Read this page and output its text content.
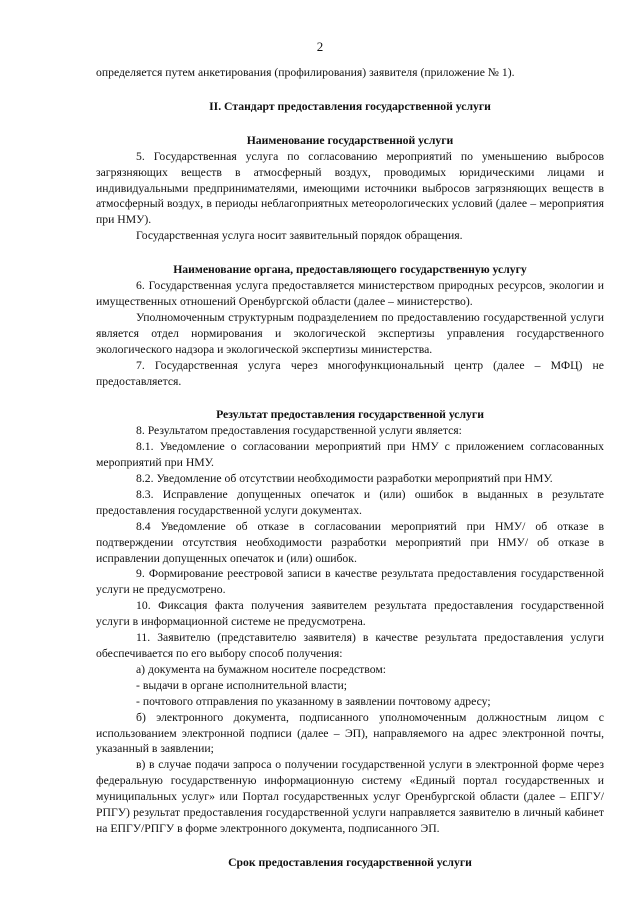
2

определяется путем анкетирования (профилирования) заявителя (приложение № 1).

II. Стандарт предоставления государственной услуги

Наименование государственной услуги

5. Государственная услуга по согласованию мероприятий по уменьшению выбросов загрязняющих веществ в атмосферный воздух, проводимых юридическими лицами и индивидуальными предпринимателями, имеющими источники выбросов загрязняющих веществ в атмосферный воздух, в периоды неблагоприятных метеорологических условий (далее – мероприятия при НМУ).

Государственная услуга носит заявительный порядок обращения.

Наименование органа, предоставляющего государственную услугу

6. Государственная услуга предоставляется министерством природных ресурсов, экологии и имущественных отношений Оренбургской области (далее – министерство).

Уполномоченным структурным подразделением по предоставлению государственной услуги является отдел нормирования и экологической экспертизы управления государственного экологического надзора и экологической экспертизы министерства.

7. Государственная услуга через многофункциональный центр (далее – МФЦ) не предоставляется.

Результат предоставления государственной услуги

8. Результатом предоставления государственной услуги является:

8.1. Уведомление о согласовании мероприятий при НМУ с приложением согласованных мероприятий при НМУ.

8.2. Уведомление об отсутствии необходимости разработки мероприятий при НМУ.

8.3. Исправление допущенных опечаток и (или) ошибок в выданных в результате предоставления государственной услуги документах.

8.4 Уведомление об отказе в согласовании мероприятий при НМУ/ об отказе в подтверждении отсутствия необходимости разработки мероприятий при НМУ/ об отказе в исправлении допущенных опечаток и (или) ошибок.

9. Формирование реестровой записи в качестве результата предоставления государственной услуги не предусмотрено.

10. Фиксация факта получения заявителем результата предоставления государственной услуги в информационной системе не предусмотрена.

11. Заявителю (представителю заявителя) в качестве результата предоставления услуги обеспечивается по его выбору способ получения:

а) документа на бумажном носителе посредством:

- выдачи в органе исполнительной власти;

- почтового отправления по указанному в заявлении почтовому адресу;

б) электронного документа, подписанного уполномоченным должностным лицом с использованием электронной подписи (далее – ЭП), направляемого на адрес электронной почты, указанный в заявлении;

в) в случае подачи запроса о получении государственной услуги в электронной форме через федеральную государственную информационную систему «Единый портал государственных и муниципальных услуг» или Портал государственных услуг Оренбургской области (далее – ЕПГУ/РПГУ) результат предоставления государственной услуги направляется заявителю в личный кабинет на ЕПГУ/РПГУ в форме электронного документа, подписанного ЭП.

Срок предоставления государственной услуги
